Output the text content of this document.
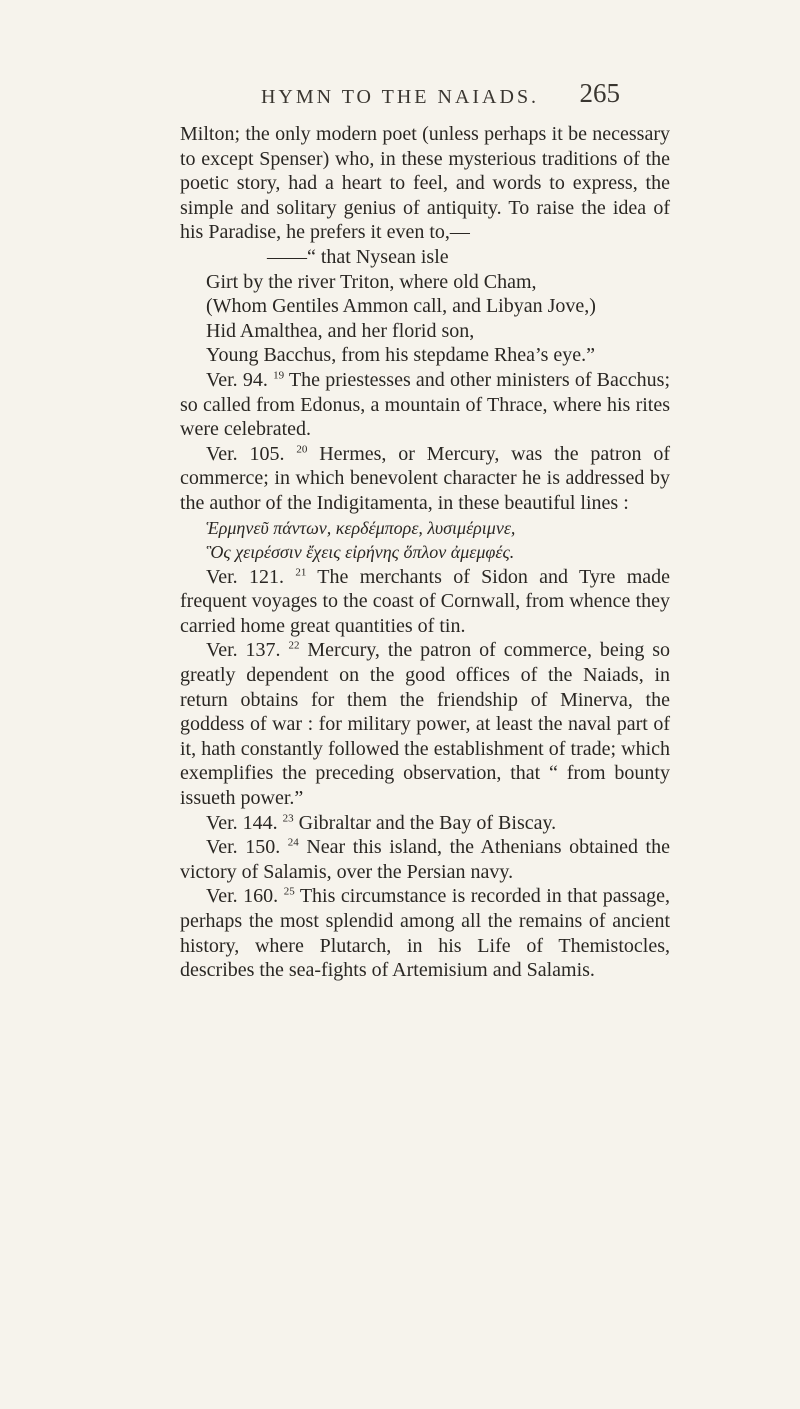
HYMN TO THE NAIADS.	265

Milton; the only modern poet (unless perhaps it be necessary to except Spenser) who, in these mysterious traditions of the poetic story, had a heart to feel, and words to express, the simple and solitary genius of antiquity. To raise the idea of his Paradise, he prefers it even to,—

——“ that Nysean isle
Girt by the river Triton, where old Cham,
(Whom Gentiles Ammon call, and Libyan Jove,)
Hid Amalthea, and her florid son,
Young Bacchus, from his stepdame Rhea’s eye.”

Ver. 94. $^{19}$ The priestesses and other ministers of Bacchus; so called from Edonus, a mountain of Thrace, where his rites were celebrated.

Ver. 105. $^{20}$ Hermes, or Mercury, was the patron of commerce; in which benevolent character he is addressed by the author of the Indigitamenta, in these beautiful lines :

Ἑρμηνεῦ πάντων, κερδέμπορε, λυσιμέριμνε,
Ὃς χειρέσσιν ἔχεις εἰρήνης ὅπλον ἀμεμφές.

Ver. 121. $^{21}$ The merchants of Sidon and Tyre made frequent voyages to the coast of Cornwall, from whence they carried home great quantities of tin.

Ver. 137. $^{22}$ Mercury, the patron of commerce, being so greatly dependent on the good offices of the Naiads, in return obtains for them the friendship of Minerva, the goddess of war : for military power, at least the naval part of it, hath constantly followed the establishment of trade; which exemplifies the preceding observation, that “ from bounty issueth power.”

Ver. 144. $^{23}$ Gibraltar and the Bay of Biscay.

Ver. 150. $^{24}$ Near this island, the Athenians obtained the victory of Salamis, over the Persian navy.

Ver. 160. $^{25}$ This circumstance is recorded in that passage, perhaps the most splendid among all the remains of ancient history, where Plutarch, in his Life of Themistocles, describes the sea-fights of Artemisium and Salamis.
